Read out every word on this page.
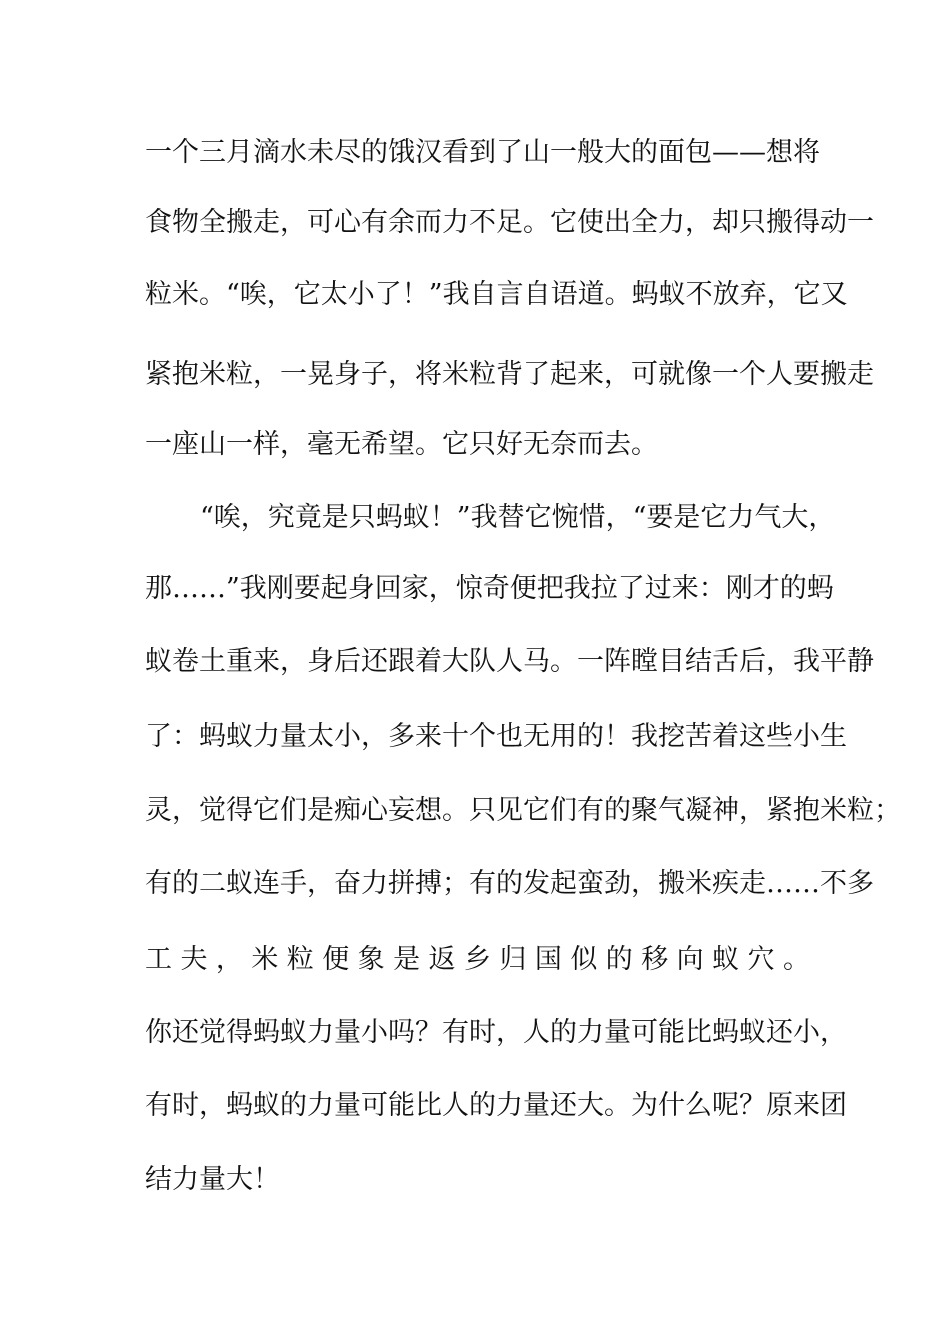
一个三月滴水未尽的饿汉看到了山一般大的面包——想将
食物全搬走，可心有余而力不足。它使出全力，却只搬得动一
粒米。“唉，它太小了！”我自言自语道。蚂蚁不放弃，它又
紧抱米粒，一晃身子，将米粒背了起来，可就像一个人要搬走
一座山一样，毫无希望。它只好无奈而去。
“唉，究竟是只蚂蚁！”我替它惋惜，“要是它力气大，
那……”我刚要起身回家，惊奇便把我拉了过来：刚才的蚂
蚁卷土重来，身后还跟着大队人马。一阵瞠目结舌后，我平静
了：蚂蚁力量太小，多来十个也无用的！我挖苦着这些小生
灵，觉得它们是痴心妄想。只见它们有的聚气凝神，紧抱米粒；
有的二蚁连手，奋力拼搏；有的发起蛮劲，搬米疾走……不多
工夫，米粒便象是返乡归国似的移向蚁穴。
你还觉得蚂蚁力量小吗？有时，人的力量可能比蚂蚁还小，
有时，蚂蚁的力量可能比人的力量还大。为什么呢？原来团
结力量大！
